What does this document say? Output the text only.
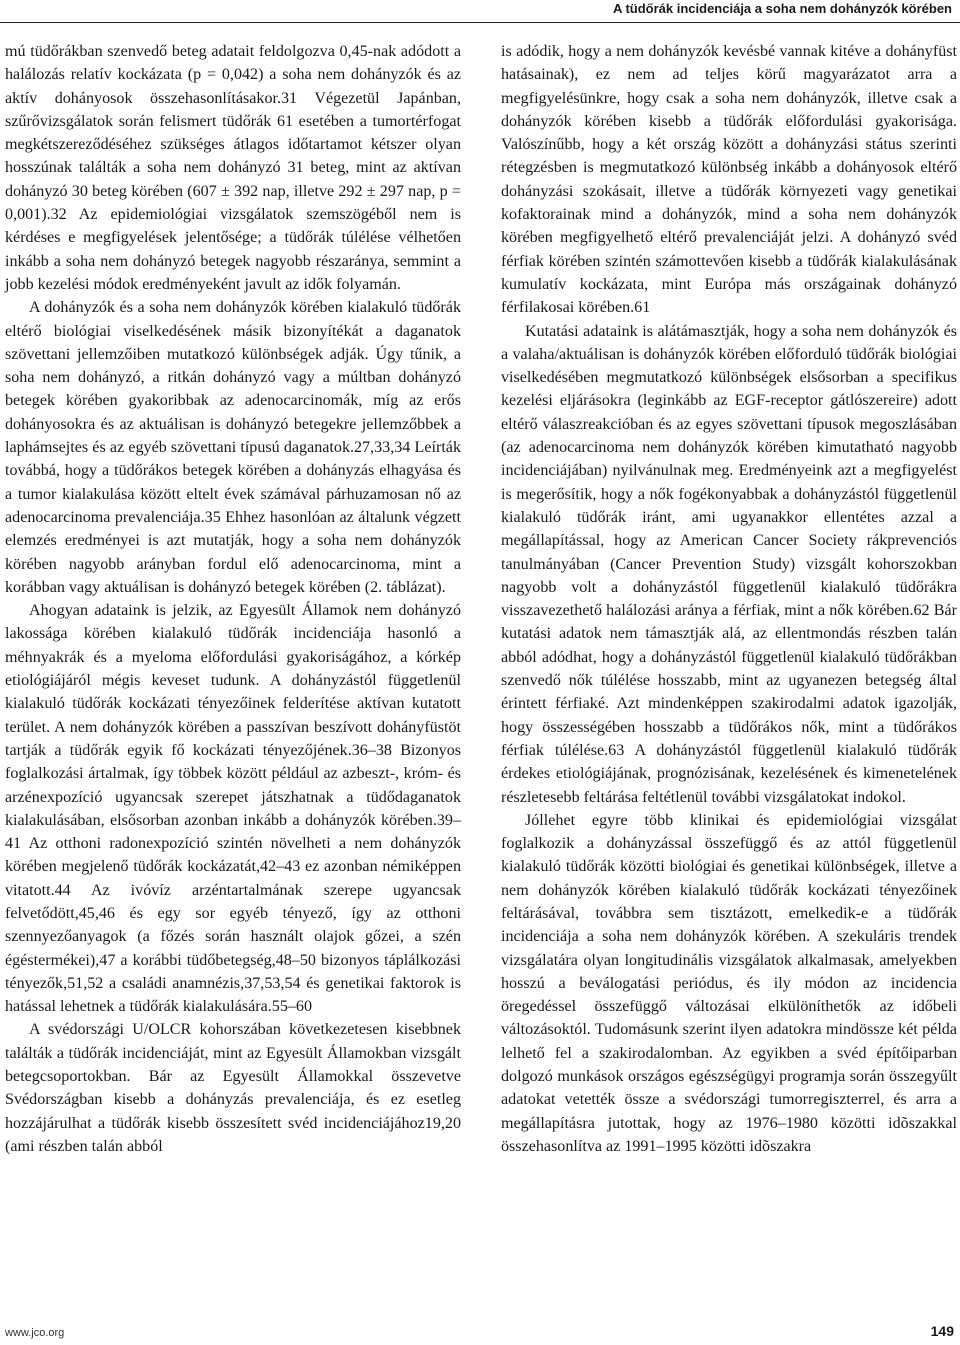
A tüdőrák incidenciája a soha nem dohányzók körében

mú tüdőrákban szenvedő beteg adatait feldolgozva 0,45-nak adódott a halálozás relatív kockázata (p = 0,042) a soha nem dohányzók és az aktív dohányosok összehasonlításakor.31 Végezetül Japánban, szűrővizsgálatok során felismert tüdőrák 61 esetében a tumortérfogat megkétszereződéséhez szükséges átlagos időtartamot kétszer olyan hosszúnak találták a soha nem dohányzó 31 beteg, mint az aktívan dohányzó 30 beteg körében (607 ± 392 nap, illetve 292 ± 297 nap, p = 0,001).32 Az epidemiológiai vizsgálatok szemszögéből nem is kérdéses e megfigyelések jelentősége; a tüdőrák túlélése vélhetően inkább a soha nem dohányzó betegek nagyobb részaránya, semmint a jobb kezelési módok eredményeként javult az idők folyamán.

A dohányzók és a soha nem dohányzók körében kialakuló tüdőrák eltérő biológiai viselkedésének másik bizonyítékát a daganatok szövettani jellemzőiben mutatkozó különbségek adják. Úgy tűnik, a soha nem dohányzó, a ritkán dohányzó vagy a múltban dohányzó betegek körében gyakoribbak az adenocarcinomák, míg az erős dohányosokra és az aktuálisan is dohányzó betegekre jellemzőbbek a laphámsejtes és az egyéb szövettani típusú daganatok.27,33,34 Leírták továbbá, hogy a tüdőrákos betegek körében a dohányzás elhagyása és a tumor kialakulása között eltelt évek számával párhuzamosan nő az adenocarcinoma prevalenciája.35 Ehhez hasonlóan az általunk végzett elemzés eredményei is azt mutatják, hogy a soha nem dohányzók körében nagyobb arányban fordul elő adenocarcinoma, mint a korábban vagy aktuálisan is dohányzó betegek körében (2. táblázat).

Ahogyan adataink is jelzik, az Egyesült Államok nem dohányzó lakossága körében kialakuló tüdőrák incidenciája hasonló a méhnyakrák és a myeloma előfordulási gyakoriságához, a kórkép etiológiájáról mégis keveset tudunk. A dohányzástól függetlenül kialakuló tüdőrák kockázati tényezőinek felderítése aktívan kutatott terület. A nem dohányzók körében a passzívan beszívott dohányfüstöt tartják a tüdőrák egyik fő kockázati tényezőjének.36–38 Bizonyos foglalkozási ártalmak, így többek között például az azbeszt-, króm- és arzénexpozíció ugyancsak szerepet játszhatnak a tüdődaganatok kialakulásában, elsősorban azonban inkább a dohányzók körében.39–41 Az otthoni radonexpozíció szintén növelheti a nem dohányzók körében megjelenő tüdőrák kockázatát,42–43 ez azonban némiképpen vitatott.44 Az ivóvíz arzéntartalmának szerepe ugyancsak felvetődött,45,46 és egy sor egyéb tényező, így az otthoni szennyezőanyagok (a főzés során használt olajok gőzei, a szén égéstermékei),47 a korábbi tüdőbetegség,48–50 bizonyos táplálkozási tényezők,51,52 a családi anamnézis,37,53,54 és genetikai faktorok is hatással lehetnek a tüdőrák kialakulására.55–60

A svédországi U/OLCR kohorszában következetesen kisebbnek találták a tüdőrák incidenciáját, mint az Egyesült Államokban vizsgált betegcsoportokban. Bár az Egyesült Államokkal összevetve Svédországban kisebb a dohányzás prevalenciája, és ez esetleg hozzájárulhat a tüdőrák kisebb összesített svéd incidenciájához19,20 (ami részben talán abból

is adódik, hogy a nem dohányzók kevésbé vannak kitéve a dohányfüst hatásainak), ez nem ad teljes körű magyarázatot arra a megfigyelésünkre, hogy csak a soha nem dohányzók, illetve csak a dohányzók körében kisebb a tüdőrák előfordulási gyakorisága. Valószínűbb, hogy a két ország között a dohányzási státus szerinti rétegzésben is megmutatkozó különbség inkább a dohányosok eltérő dohányzási szokásait, illetve a tüdőrák környezeti vagy genetikai kofaktorainak mind a dohányzók, mind a soha nem dohányzók körében megfigyelhető eltérő prevalenciáját jelzi. A dohányzó svéd férfiak körében szintén számottevően kisebb a tüdőrák kialakulásának kumulatív kockázata, mint Európa más országainak dohányzó férfilakosai körében.61

Kutatási adataink is alátámasztják, hogy a soha nem dohányzók és a valaha/aktuálisan is dohányzók körében előforduló tüdőrák biológiai viselkedésében megmutatkozó különbségek elsősorban a specifikus kezelési eljárásokra (leginkább az EGF-receptor gátlószereire) adott eltérő válaszreakcióban és az egyes szövettani típusok megoszlásában (az adenocarcinoma nem dohányzók körében kimutatható nagyobb incidenciájában) nyilvánulnak meg. Eredményeink azt a megfigyelést is megerősítik, hogy a nők fogékonyabbak a dohányzástól függetlenül kialakuló tüdőrák iránt, ami ugyanakkor ellentétes azzal a megállapítással, hogy az American Cancer Society rákprevenciós tanulmányában (Cancer Prevention Study) vizsgált kohorszokban nagyobb volt a dohányzástól függetlenül kialakuló tüdőrákra visszavezethető halálozási aránya a férfiak, mint a nők körében.62 Bár kutatási adatok nem támasztják alá, az ellentmondás részben talán abból adódhat, hogy a dohányzástól függetlenül kialakuló tüdőrákban szenvedő nők túlélése hosszabb, mint az ugyanezen betegség által érintett férfiaké. Azt mindenképpen szakirodalmi adatok igazolják, hogy összességében hosszabb a tüdőrákos nők, mint a tüdőrákos férfiak túlélése.63 A dohányzástól függetlenül kialakuló tüdőrák érdekes etiológiájának, prognózisának, kezelésének és kimenetelének részletesebb feltárása feltétlenül további vizsgálatokat indokol.

Jóllehet egyre több klinikai és epidemiológiai vizsgálat foglalkozik a dohányzással összefüggő és az attól függetlenül kialakuló tüdőrák közötti biológiai és genetikai különbségek, illetve a nem dohányzók körében kialakuló tüdőrák kockázati tényezőinek feltárásával, továbbra sem tisztázott, emelkedik-e a tüdőrák incidenciája a soha nem dohányzók körében. A szekuláris trendek vizsgálatára olyan longitudinális vizsgálatok alkalmasak, amelyekben hosszú a beválogatási periódus, és ily módon az incidencia öregedéssel összefüggő változásai elkülöníthetők az időbeli változásoktól. Tudomásunk szerint ilyen adatokra mindössze két példa lelhető fel a szakirodalomban. Az egyikben a svéd építőiparban dolgozó munkások országos egészségügyi programja során összegyűlt adatokat vetették össze a svédországi tumorregiszterrel, és arra a megállapításra jutottak, hogy az 1976–1980 közötti idõszakkal összehasonlítva az 1991–1995 közötti idõszakra

www.jco.org	149
